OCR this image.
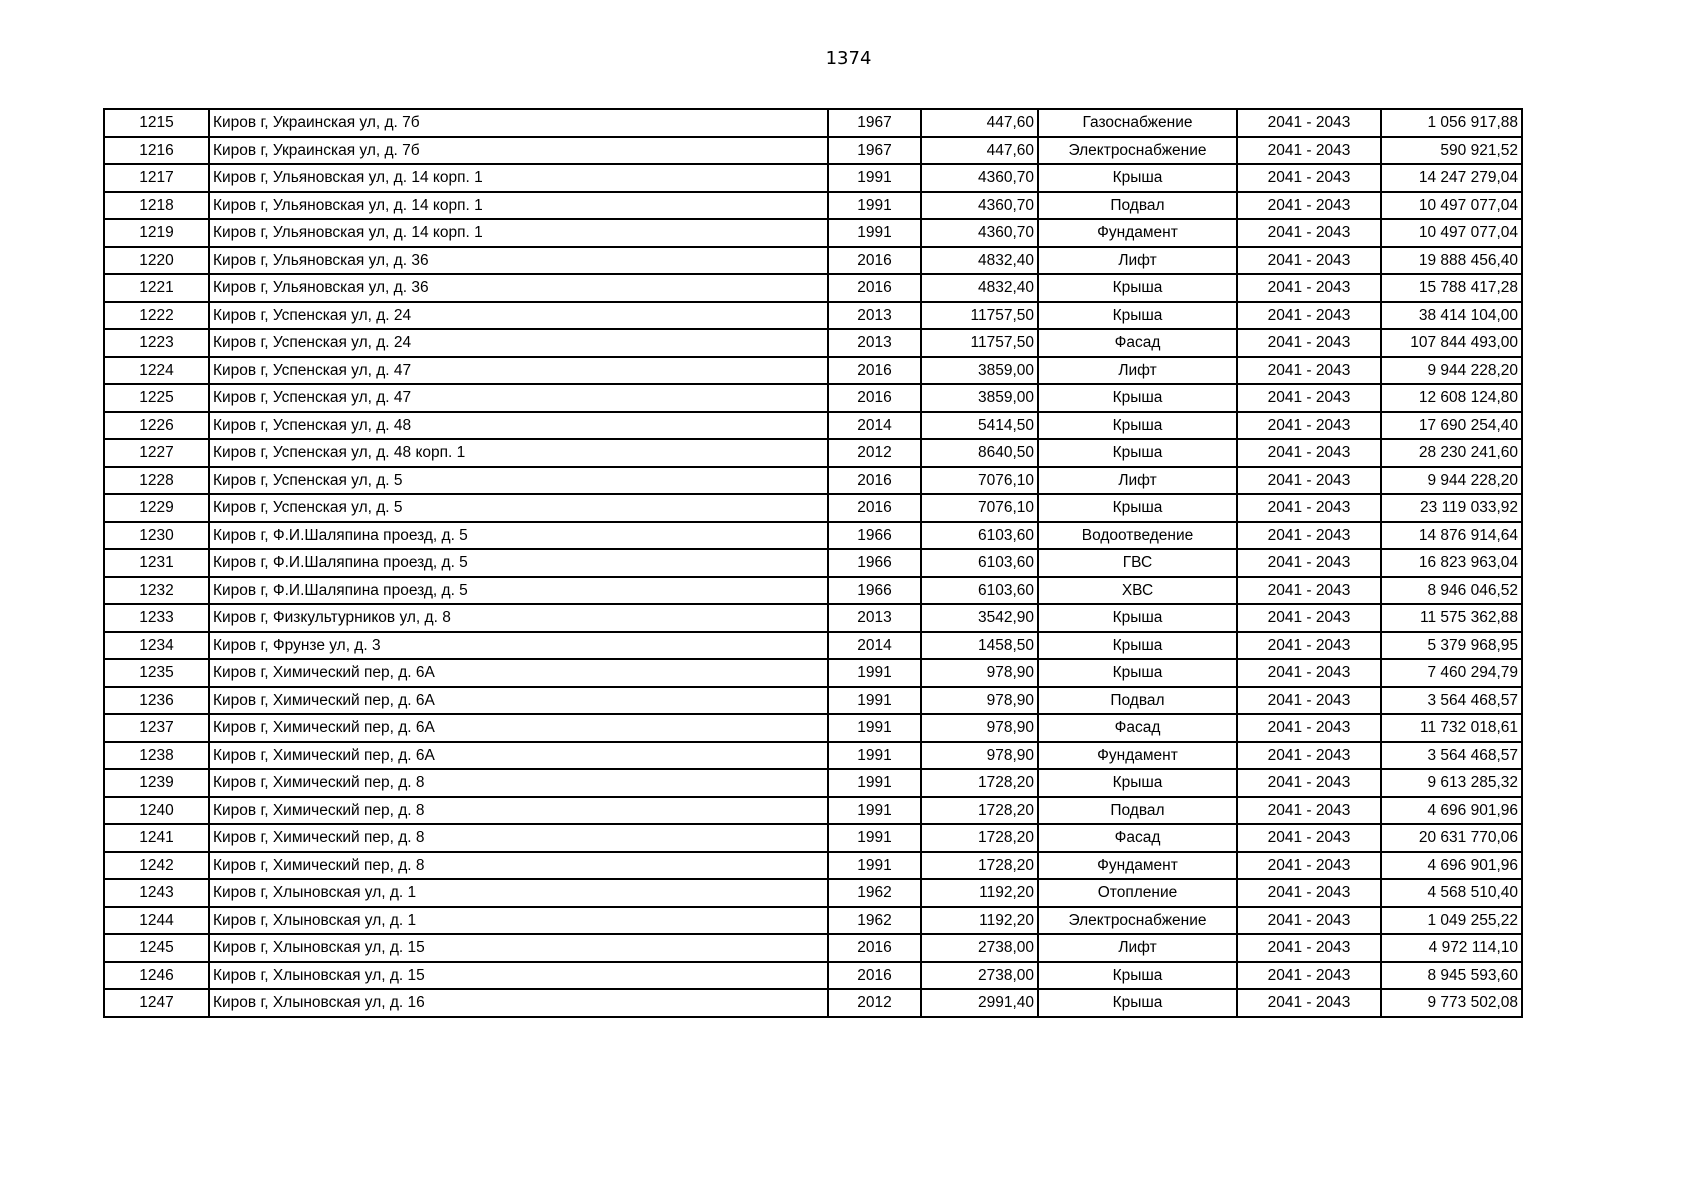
1374
1215	Киров г, Украинская ул, д. 7б	1967	447,60	Газоснабжение	2041 - 2043	1 056 917,88
1216	Киров г, Украинская ул, д. 7б	1967	447,60	Электроснабжение	2041 - 2043	590 921,52
1217	Киров г, Ульяновская ул, д. 14 корп. 1	1991	4360,70	Крыша	2041 - 2043	14 247 279,04
1218	Киров г, Ульяновская ул, д. 14 корп. 1	1991	4360,70	Подвал	2041 - 2043	10 497 077,04
1219	Киров г, Ульяновская ул, д. 14 корп. 1	1991	4360,70	Фундамент	2041 - 2043	10 497 077,04
1220	Киров г, Ульяновская ул, д. 36	2016	4832,40	Лифт	2041 - 2043	19 888 456,40
1221	Киров г, Ульяновская ул, д. 36	2016	4832,40	Крыша	2041 - 2043	15 788 417,28
1222	Киров г, Успенская ул, д. 24	2013	11757,50	Крыша	2041 - 2043	38 414 104,00
1223	Киров г, Успенская ул, д. 24	2013	11757,50	Фасад	2041 - 2043	107 844 493,00
1224	Киров г, Успенская ул, д. 47	2016	3859,00	Лифт	2041 - 2043	9 944 228,20
1225	Киров г, Успенская ул, д. 47	2016	3859,00	Крыша	2041 - 2043	12 608 124,80
1226	Киров г, Успенская ул, д. 48	2014	5414,50	Крыша	2041 - 2043	17 690 254,40
1227	Киров г, Успенская ул, д. 48 корп. 1	2012	8640,50	Крыша	2041 - 2043	28 230 241,60
1228	Киров г, Успенская ул, д. 5	2016	7076,10	Лифт	2041 - 2043	9 944 228,20
1229	Киров г, Успенская ул, д. 5	2016	7076,10	Крыша	2041 - 2043	23 119 033,92
1230	Киров г, Ф.И.Шаляпина проезд, д. 5	1966	6103,60	Водоотведение	2041 - 2043	14 876 914,64
1231	Киров г, Ф.И.Шаляпина проезд, д. 5	1966	6103,60	ГВС	2041 - 2043	16 823 963,04
1232	Киров г, Ф.И.Шаляпина проезд, д. 5	1966	6103,60	ХВС	2041 - 2043	8 946 046,52
1233	Киров г, Физкультурников ул, д. 8	2013	3542,90	Крыша	2041 - 2043	11 575 362,88
1234	Киров г, Фрунзе ул, д. 3	2014	1458,50	Крыша	2041 - 2043	5 379 968,95
1235	Киров г, Химический пер, д. 6А	1991	978,90	Крыша	2041 - 2043	7 460 294,79
1236	Киров г, Химический пер, д. 6А	1991	978,90	Подвал	2041 - 2043	3 564 468,57
1237	Киров г, Химический пер, д. 6А	1991	978,90	Фасад	2041 - 2043	11 732 018,61
1238	Киров г, Химический пер, д. 6А	1991	978,90	Фундамент	2041 - 2043	3 564 468,57
1239	Киров г, Химический пер, д. 8	1991	1728,20	Крыша	2041 - 2043	9 613 285,32
1240	Киров г, Химический пер, д. 8	1991	1728,20	Подвал	2041 - 2043	4 696 901,96
1241	Киров г, Химический пер, д. 8	1991	1728,20	Фасад	2041 - 2043	20 631 770,06
1242	Киров г, Химический пер, д. 8	1991	1728,20	Фундамент	2041 - 2043	4 696 901,96
1243	Киров г, Хлыновская ул, д. 1	1962	1192,20	Отопление	2041 - 2043	4 568 510,40
1244	Киров г, Хлыновская ул, д. 1	1962	1192,20	Электроснабжение	2041 - 2043	1 049 255,22
1245	Киров г, Хлыновская ул, д. 15	2016	2738,00	Лифт	2041 - 2043	4 972 114,10
1246	Киров г, Хлыновская ул, д. 15	2016	2738,00	Крыша	2041 - 2043	8 945 593,60
1247	Киров г, Хлыновская ул, д. 16	2012	2991,40	Крыша	2041 - 2043	9 773 502,08
